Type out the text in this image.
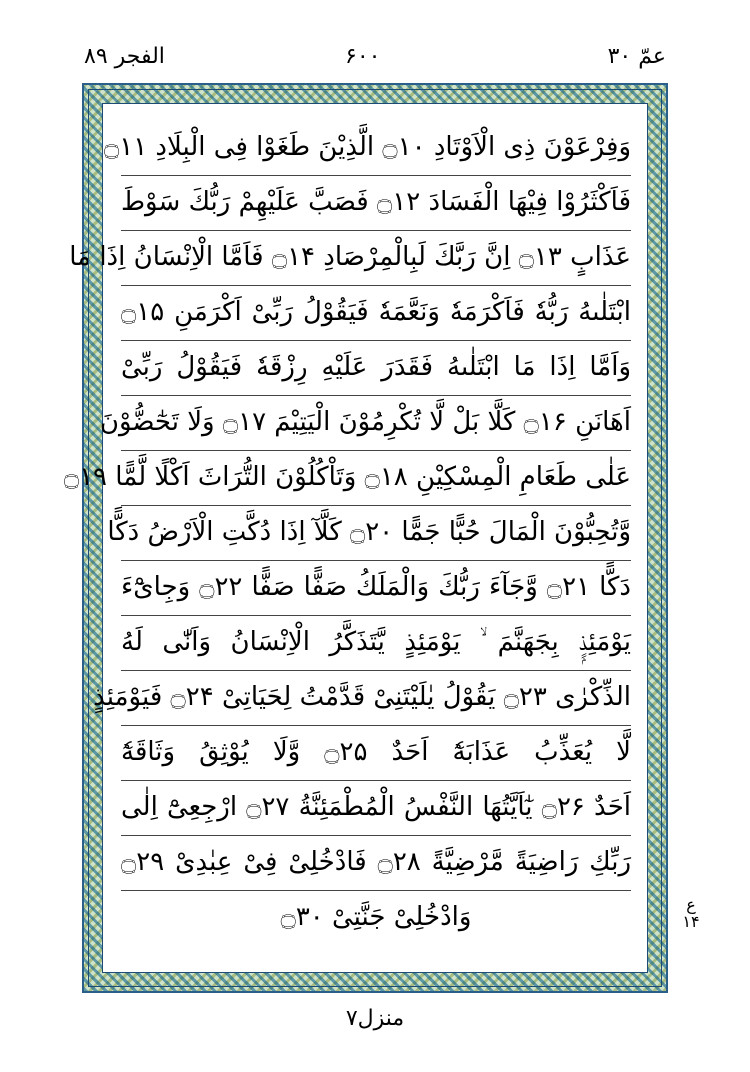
عمّ ۳۰
۶۰۰
الفجر ۸۹
وَفِرْعَوْنَ ذِى الْاَوْتَادِ ۝۱۰ الَّذِيْنَ طَغَوْا فِى الْبِلَادِ ۝۱۱
فَاَكْثَرُوْا فِيْهَا الْفَسَادَ ۝۱۲ فَصَبَّ عَلَيْهِمْ رَبُّكَ سَوْطَ
عَذَابٍ ۝۱۳ اِنَّ رَبَّكَ لَبِالْمِرْصَادِ ۝۱۴ فَاَمَّا الْاِنْسَانُ اِذَا مَا
ابْتَلٰىهُ رَبُّهٗ فَاَكْرَمَهٗ وَنَعَّمَهٗ فَيَقُوْلُ رَبِّىْ اَكْرَمَنِ ۝۱۵
وَاَمَّا اِذَا مَا ابْتَلٰىهُ فَقَدَرَ عَلَيْهِ رِزْقَهٗ فَيَقُوْلُ رَبِّىْ
اَهَانَنِ ۝۱۶ كَلَّا بَلْ لَّا تُكْرِمُوْنَ الْيَتِيْمَ ۝۱۷ وَلَا تَحٰٓضُّوْنَ
عَلٰى طَعَامِ الْمِسْكِيْنِ ۝۱۸ وَتَاْكُلُوْنَ التُّرَاثَ اَكْلًا لَّمًّا ۝۱۹
وَّتُحِبُّوْنَ الْمَالَ حُبًّا جَمًّا ۝۲۰ كَلَّآ اِذَا دُكَّتِ الْاَرْضُ دَكًّا
دَكًّا ۝۲۱ وَّجَآءَ رَبُّكَ وَالْمَلَكُ صَفًّا صَفًّا ۝۲۲ وَجِایْٓءَ
يَوْمَئِذٍۭ بِجَهَنَّمَ ۙ يَوْمَئِذٍ يَّتَذَكَّرُ الْاِنْسَانُ وَاَنّٰى لَهُ
الذِّكْرٰى ۝۲۳ يَقُوْلُ يٰلَيْتَنِىْ قَدَّمْتُ لِحَيَاتِىْ ۝۲۴ فَيَوْمَئِذٍ
لَّا يُعَذِّبُ عَذَابَهٗٓ اَحَدٌ ۝۲۵ وَّلَا يُوْثِقُ وَثَاقَهٗٓ
اَحَدٌ ۝۲۶ يٰٓاَيَّتُهَا النَّفْسُ الْمُطْمَئِنَّةُ ۝۲۷ ارْجِعِىْٓ اِلٰى
رَبِّكِ رَاضِيَةً مَّرْضِيَّةً ۝۲۸ فَادْخُلِىْ فِىْ عِبٰدِىْ ۝۲۹
وَادْخُلِىْ جَنَّتِىْ ۝۳۰	ع
۱۴
منزل۷
